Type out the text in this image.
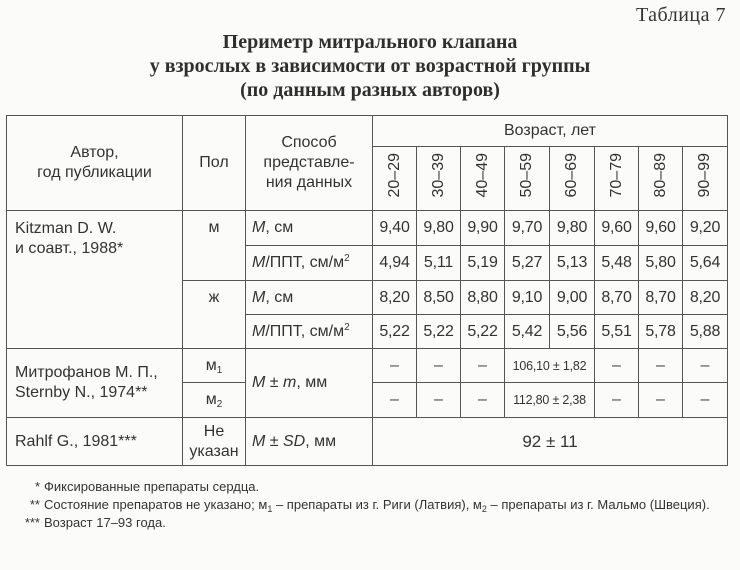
Таблица 7
Периметр митрального клапана
у взрослых в зависимости от возрастной группы
(по данным разных авторов)
Автор,
год публикации
	Пол	
Способ
представле-
ния данных
	Возраст, лет
			20–29	30–39	40–49	50–59	60–69	70–79	80–89	90–99

Kitzman D. W.
и соавт., 1988*	м	M, см	9,40	9,80	9,90	9,70	9,80	9,60	9,60	9,20
		M/ППТ, $см/м^2$	4,94	5,11	5,19	5,27	5,13	5,48	5,80	5,64
	ж	M, см	8,20	8,50	8,80	9,10	9,00	8,70	8,70	8,20
		M/ППТ, $см/м^2$	5,22	5,22	5,22	5,42	5,56	5,51	5,78	5,88

Митрофанов М. П.,
Sternby N., 1974**	$м_1$	M ± m, мм	–	–	–	106,10 ± 1,82		–	–	–
	$м_2$		–	–	–	112,80 ± 2,38		–	–	–
Rahlf G., 1981***	Не
указан	M ± SD, мм	92 ± 11							
* Фиксированные препараты сердца.
** Состояние препаратов не указано; $м_1$ – препараты из г. Риги (Латвия), $м_2$ – препараты из г. Мальмо (Швеция).
*** Возраст 17–93 года.
